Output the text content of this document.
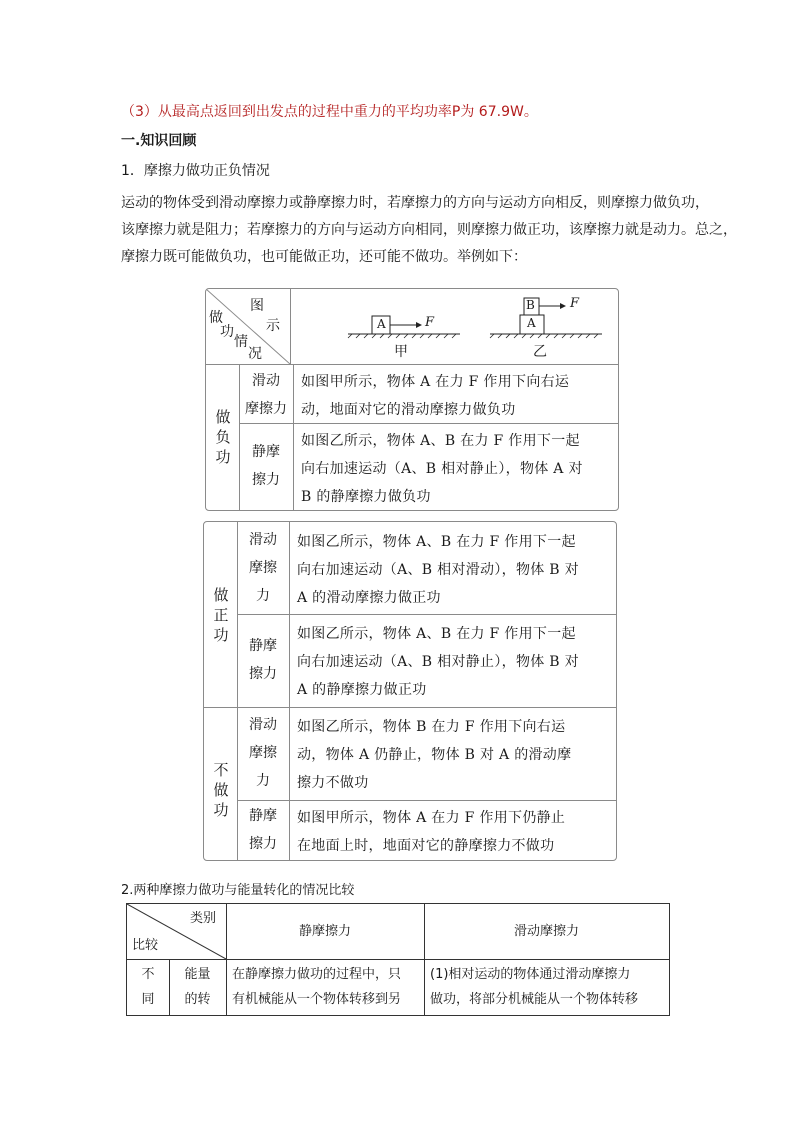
（3）从最高点返回到出发点的过程中重力的平均功率P为 67.9W。
一.知识回顾
1．摩擦力做功正负情况
运动的物体受到滑动摩擦力或静摩擦力时，若摩擦力的方向与运动方向相反，则摩擦力做负功，
该摩擦力就是阻力；若摩擦力的方向与运动方向相同，则摩擦力做正功，该摩擦力就是动力。总之，
摩擦力既可能做负功，也可能做正功，还可能不做功。举例如下：
图
示
做
功
情
况
A	F
甲
B
A
F
乙
做
负
功
滑动
摩擦力
如图甲所示，物体 A 在力 F 作用下向右运
动，地面对它的滑动摩擦力做负功
静摩
擦力
如图乙所示，物体 A、B 在力 F 作用下一起
向右加速运动（A、B 相对静止），物体 A 对
B 的静摩擦力做负功
做
正
功
滑动
摩擦
力
如图乙所示，物体 A、B 在力 F 作用下一起
向右加速运动（A、B 相对滑动），物体 B 对
A 的滑动摩擦力做正功
静摩
擦力
如图乙所示，物体 A、B 在力 F 作用下一起
向右加速运动（A、B 相对静止），物体 B 对
A 的静摩擦力做正功
不
做
功
滑动
摩擦
力
如图乙所示，物体 B 在力 F 作用下向右运
动，物体 A 仍静止，物体 B 对 A 的滑动摩
擦力不做功
静摩
擦力
如图甲所示，物体 A 在力 F 作用下仍静止
在地面上时，地面对它的静摩擦力不做功
2.两种摩擦力做功与能量转化的情况比较
类别
比较
静摩擦力	滑动摩擦力
不
同
能量
的转
在静摩擦力做功的过程中，只
有机械能从一个物体转移到另
(1)相对运动的物体通过滑动摩擦力
做功，将部分机械能从一个物体转移
